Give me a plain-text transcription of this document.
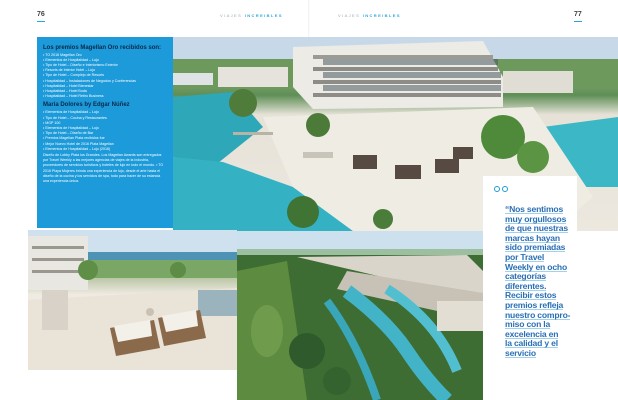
76	77
VIAJES INCREIBLES	VIAJES INCREIBLES
Los premios Magellan Oro recibidos son:
• TO 2016 Magellan Oro
• Elementos de Hospitalidad – Lujo
• Tipo de Hotel – Diseño e Interiorismo Exterior
• Resorts de Interior Hotel – Lujo
• Tipo de Hotel – Complejo de Resorts
• Hospitalidad – Instalaciones de Negocios y Conferencias
• Hospitalidad – Hotel Bienestar
• Hospitalidad – Hotel Boda
• Hospitalidad – Hotel Retiro Business
María Dolores by Edgar Núñez
• Elementos de Hospitalidad – Lujo
• Tipo de Hotel – Cocina y Restaurantes
• MGP 100
• Elementos de Hospitalidad – Lujo
• Tipo de Hotel – Diseño de Bar
• Premios Magellan Plata recibidos fue
• Mejor Nuevo Hotel de 2016 Plata Magellan
• Elementos de Hospitalidad – Lujo (2016)
Diseño de Lobby Plata los Grandes. Los Magellan Awards son entregados por Travel Weekly a las mejores agencias de viajes de la industria, proveedores de servicios turísticos y hoteles de lujo en todo el mundo. • TO 2016 Playa Mujeres brinda una experiencia de lujo, desde el arte hasta el diseño de la cocina y los servicios de spa, todo para hacer de su estancia una experiencia única.
“Nos sentimos
muy orgullosos
de que nuestras
marcas hayan
sido premiadas
por Travel
Weekly en ocho
categorías
diferentes.
Recibir estos
premios refleja
nuestro compro-
miso con la
excelencia en
la calidad y el
servicio
